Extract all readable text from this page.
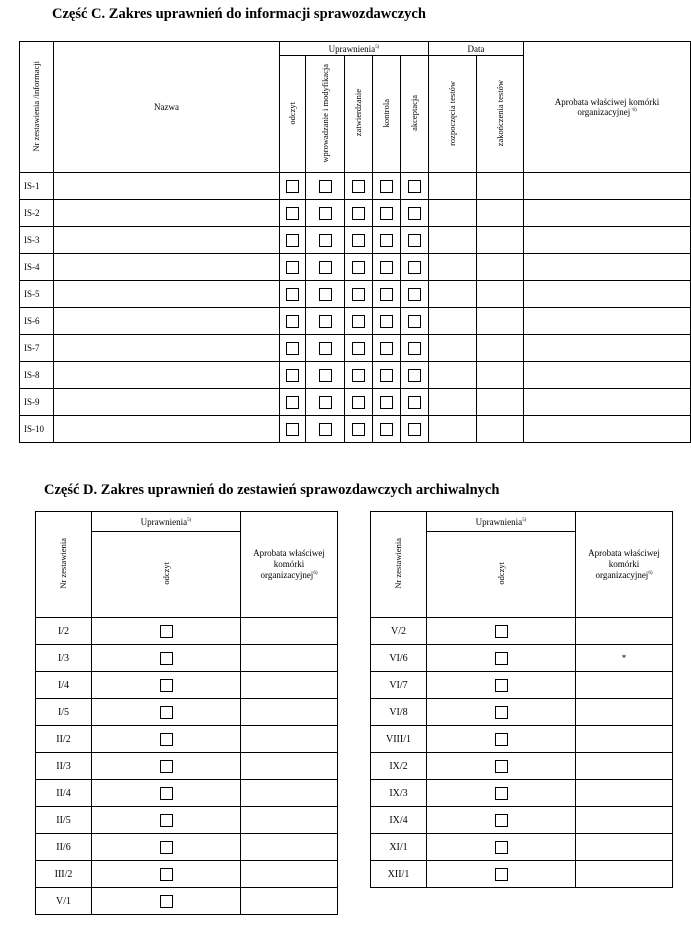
Część C. Zakres uprawnień do informacji sprawozdawczych
Nr zestawienia /informacji	Nazwa	Uprawnienia$^{5)}$					Data		Aprobata właściwej komórki organizacyjnej $^{6)}$
		odczyt	wprowadzanie i modyfikacja	zatwierdzanie	kontrola	akceptacja	rozpoczęcia testów	zakończenia testów	
IS-1									
IS-2									
IS-3									
IS-4									
IS-5									
IS-6									
IS-7									
IS-8									
IS-9									
IS-10									
Część D. Zakres uprawnień do zestawień sprawozdawczych archiwalnych
Nr zestawienia	Uprawnienia$^{5)}$	Aprobata właściwej komórki organizacyjnej$^{6)}$
	odczyt	
I/2		
I/3		
I/4		
I/5		
II/2		
II/3		
II/4		
II/5		
II/6		
III/2		
V/1		
Nr zestawienia	Uprawnienia$^{5)}$	Aprobata właściwej komórki organizacyjnej$^{6)}$
	odczyt	
V/2		
VI/6		*
VI/7		
VI/8		
VIII/1		
IX/2		
IX/3		
IX/4		
XI/1		
XII/1		
